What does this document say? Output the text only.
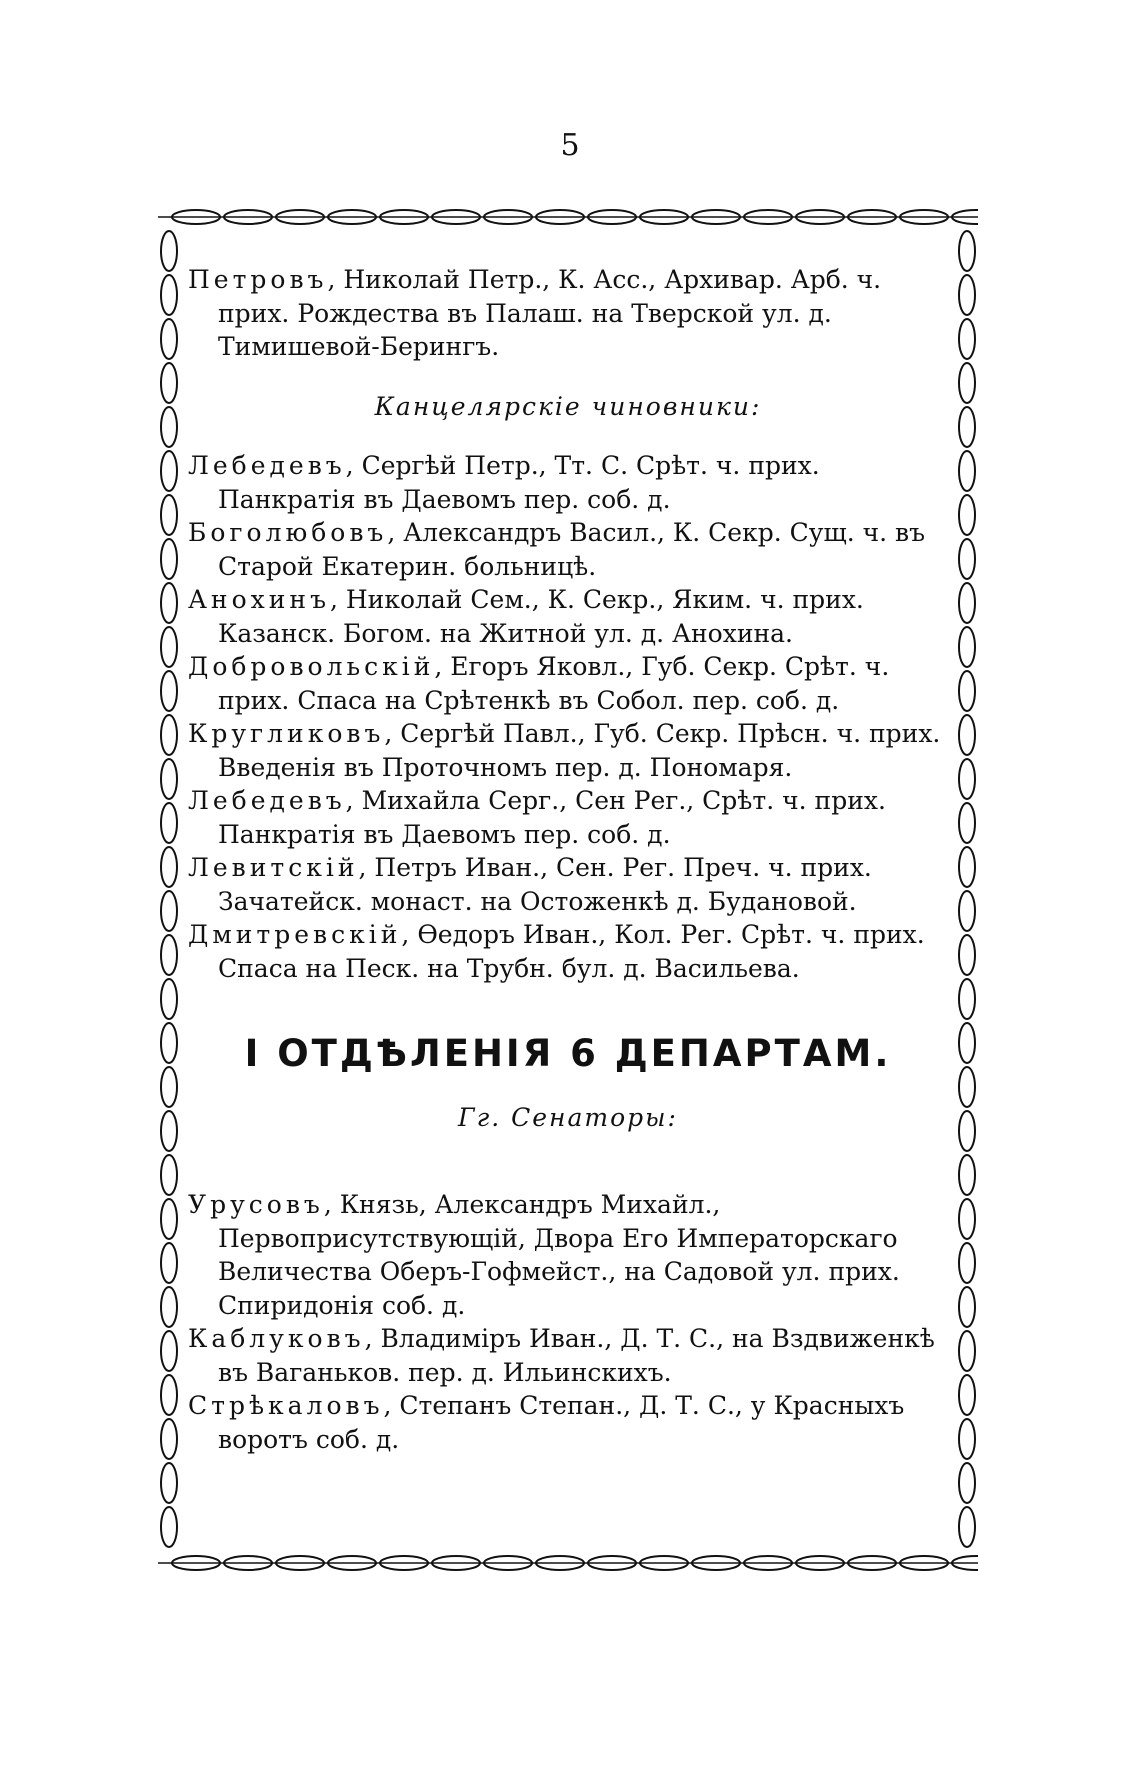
5

Петровъ, Николай Петр., К. Асс., Архивар. Арб. ч. прих. Рождества въ Палаш. на Тверской ул. д. Тимишевой-Берингъ.

Канцелярскіе чиновники:

Лебедевъ, Сергѣй Петр., Тт. С. Срѣт. ч. прих. Панкратія въ Даевомъ пер. соб. д.

Боголюбовъ, Александръ Васил., К. Секр. Сущ. ч. въ Старой Екатерин. больницѣ.

Анохинъ, Николай Сем., К. Секр., Яким. ч. прих. Казанск. Богом. на Житной ул. д. Анохина.

Добровольскій, Егоръ Яковл., Губ. Секр. Срѣт. ч. прих. Спаса на Срѣтенкѣ въ Собол. пер. соб. д.

Кругликовъ, Сергѣй Павл., Губ. Секр. Прѣсн. ч. прих. Введенія въ Проточномъ пер. д. Пономаря.

Лебедевъ, Михайла Серг., Сен Рег., Срѣт. ч. прих. Панкратія въ Даевомъ пер. соб. д.

Левитскій, Петръ Иван., Сен. Рег. Преч. ч. прих. Зачатейск. монаст. на Остоженкѣ д. Будановой.

Дмитревскій, Ѳедоръ Иван., Кол. Рег. Срѣт. ч. прих. Спаса на Песк. на Трубн. бул. д. Васильева.

I ОТДѢЛЕНІЯ 6 ДЕПАРТАМ.
Гг. Сенаторы:

Урусовъ, Князь, Александръ Михайл., Первоприсутствующій, Двора Его Императорскаго Величества Оберъ-Гофмейст., на Садовой ул. прих. Спиридонія соб. д.

Каблуковъ, Владиміръ Иван., Д. Т. С., на Вздвиженкѣ въ Ваганьков. пер. д. Ильинскихъ.

Стрѣкаловъ, Степанъ Степан., Д. Т. С., у Красныхъ воротъ соб. д.
